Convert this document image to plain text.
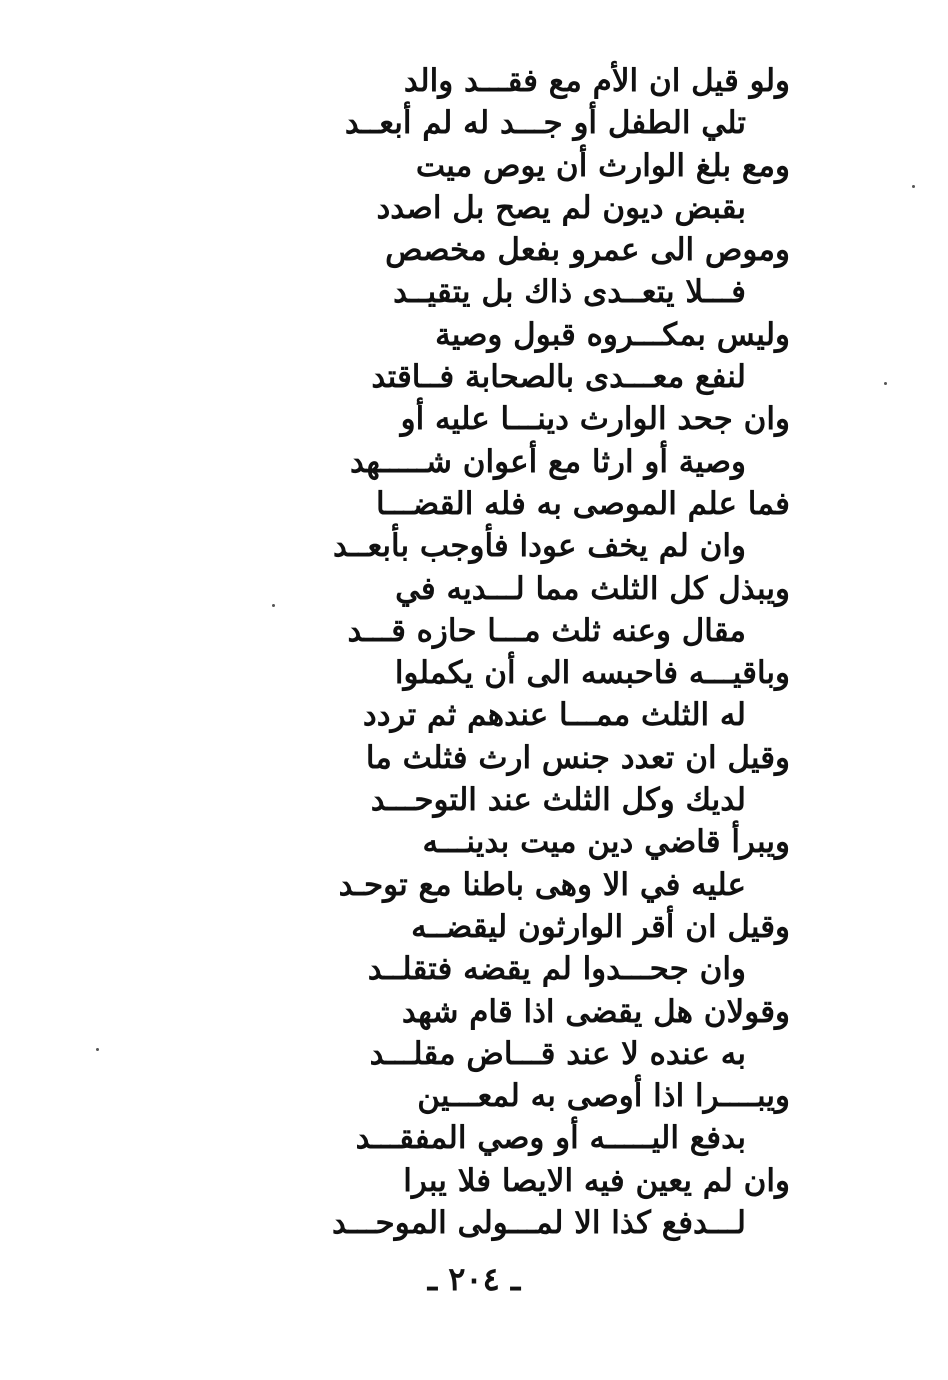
ولو قيل ان الأم مع فقـــد والد
تلي الطفل أو جـــد له لم أبعــد
ومع بلغ الوارث أن يوص ميت
بقبض ديون لم يصح بل اصدد
وموص الى عمرو بفعل مخصص
فـــلا يتعــدى ذاك بل يتقيــد
وليس بمكـــروه قبول وصية
لنفع معـــدى بالصحابة فــاقتد
وان جحد الوارث دينـــا عليه أو
وصية أو ارثا مع أعوان شـــــهد
فما علم الموصى به فله القضـــا
وان لم يخف عودا فأوجب بأبعــد
ويبذل كل الثلث مما لـــديه في
مقال وعنه ثلث مـــا حازه قـــد
وباقيـــه فاحبسه الى أن يكملوا
له الثلث ممـــا عندهم ثم تردد
وقيل ان تعدد جنس ارث فثلث ما
لديك وكل الثلث عند التوحـــد
ويبرأ قاضي دين ميت بدينـــه
عليه في الا وهى باطنا مع توحـد
وقيل ان أقر الوارثون ليقضــه
وان جحـــدوا لم يقضه فتقلــد
وقولان هل يقضى اذا قام شهد
به عنده لا عند قـــاض مقلـــد
ويبــــرا اذا أوصى به لمعـــين
بدفع اليـــــه أو وصي المفقـــد
وان لم يعين فيه الايصا فلا يبرا
لـــدفع كذا الا لمـــولى الموحـــد
ـ ٢٠٤ ـ
